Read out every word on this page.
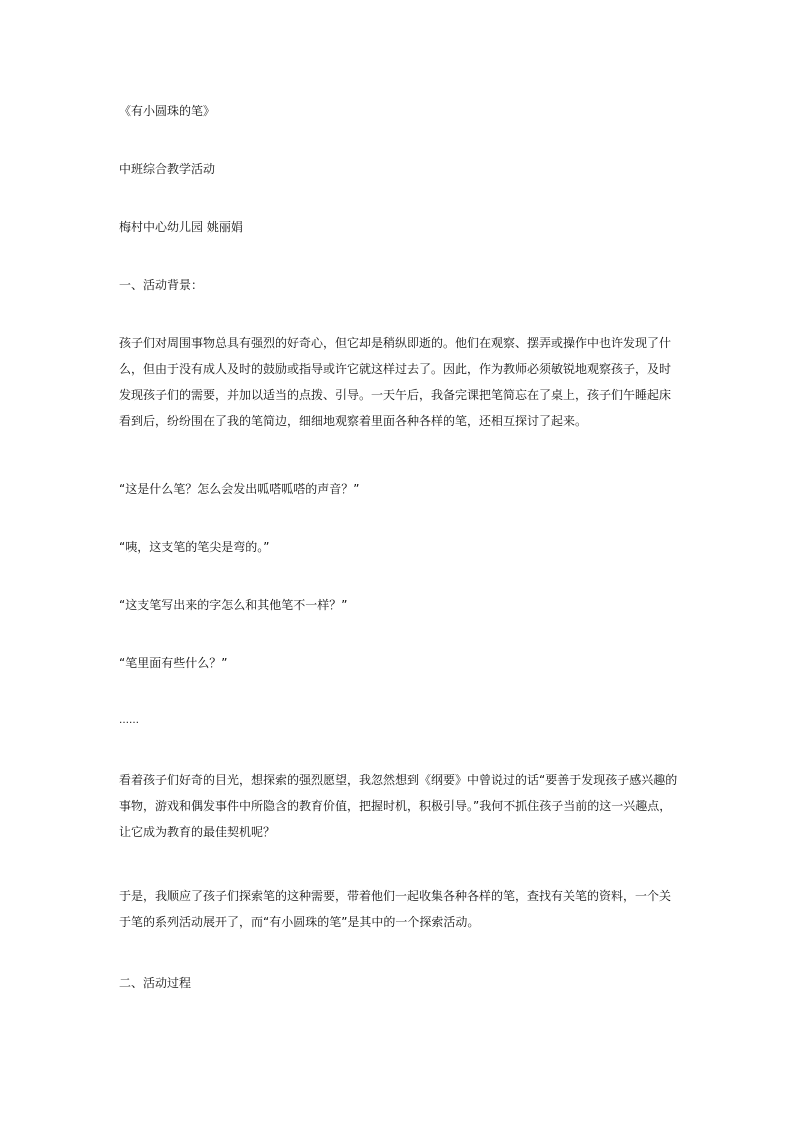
《有小圆珠的笔》
中班综合教学活动
梅村中心幼儿园 姚丽娟
一、活动背景：
孩子们对周围事物总具有强烈的好奇心，但它却是稍纵即逝的。他们在观察、摆弄或操作中也许发现了什
么，但由于没有成人及时的鼓励或指导或许它就这样过去了。因此，作为教师必须敏锐地观察孩子，及时
发现孩子们的需要，并加以适当的点拨、引导。一天午后，我备完课把笔简忘在了桌上，孩子们午睡起床
看到后，纷纷围在了我的笔简边，细细地观察着里面各种各样的笔，还相互探讨了起来。
“这是什么笔？怎么会发出呱嗒呱嗒的声音？”
“咦，这支笔的笔尖是弯的。”
“这支笔写出来的字怎么和其他笔不一样？”
“笔里面有些什么？”
……
看着孩子们好奇的目光，想探索的强烈愿望，我忽然想到《纲要》中曾说过的话“要善于发现孩子感兴趣的
事物，游戏和偶发事件中所隐含的教育价值，把握时机，积极引导。”我何不抓住孩子当前的这一兴趣点，
让它成为教育的最佳契机呢？
于是，我顺应了孩子们探索笔的这种需要，带着他们一起收集各种各样的笔，查找有关笔的资料，一个关
于笔的系列活动展开了，而“有小圆珠的笔”是其中的一个探索活动。
二、活动过程
